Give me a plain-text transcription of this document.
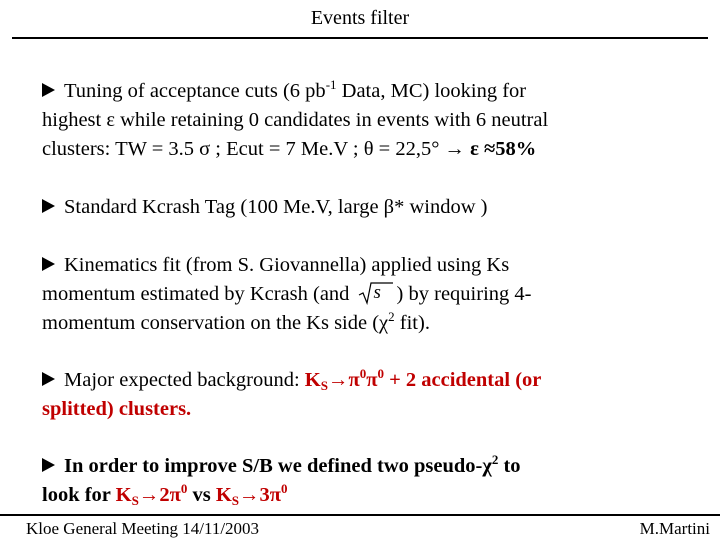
Events filter
Tuning of acceptance cuts (6 $pb^{-1}$ Data, MC) looking for
highest ε while retaining 0 candidates in events with 6 neutral
clusters: TW = 3.5 σ ; Ecut = 7 Me.V ; θ = 22,5° → ε ≈58%
Standard Kcrash Tag (100 Me.V, large β* window )
Kinematics fit (from S. Giovannella) applied using Ks
momentum estimated by Kcrash (and s ) by requiring 4-
momentum conservation on the Ks side ($\chi^2$ fit).
Major expected background: $K_S\to\pi^0\pi^0 + 2$ accidental (or
splitted) clusters.
In order to improve S/B we defined two pseudo-$\chi^2$ to
look for $K_S\to 2\pi^0$ vs $K_S\to 3\pi^0$
Kloe General Meeting 14/11/2003	M.Martini
